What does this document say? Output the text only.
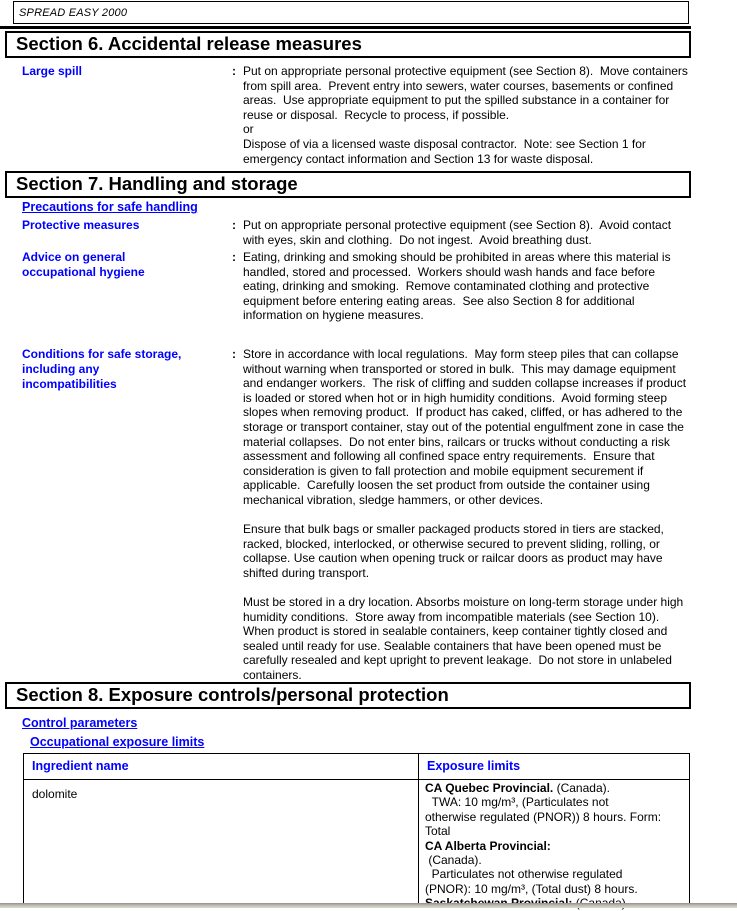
SPREAD EASY 2000
Section 6. Accidental release measures
Large spill	: Put on appropriate personal protective equipment (see Section 8).  Move containers
from spill area.  Prevent entry into sewers, water courses, basements or confined
areas.  Use appropriate equipment to put the spilled substance in a container for
reuse or disposal.  Recycle to process, if possible.
or
Dispose of via a licensed waste disposal contractor.  Note: see Section 1 for
emergency contact information and Section 13 for waste disposal.
Section 7. Handling and storage
Precautions for safe handling
Protective measures	: Put on appropriate personal protective equipment (see Section 8).  Avoid contact
with eyes, skin and clothing.  Do not ingest.  Avoid breathing dust.
Advice on general
occupational hygiene
: Eating, drinking and smoking should be prohibited in areas where this material is
handled, stored and processed.  Workers should wash hands and face before
eating, drinking and smoking.  Remove contaminated clothing and protective
equipment before entering eating areas.  See also Section 8 for additional
information on hygiene measures.
Conditions for safe storage,
including any
incompatibilities
: Store in accordance with local regulations.  May form steep piles that can collapse
without warning when transported or stored in bulk.  This may damage equipment
and endanger workers.  The risk of cliffing and sudden collapse increases if product
is loaded or stored when hot or in high humidity conditions.  Avoid forming steep
slopes when removing product.  If product has caked, cliffed, or has adhered to the
storage or transport container, stay out of the potential engulfment zone in case the
material collapses.  Do not enter bins, railcars or trucks without conducting a risk
assessment and following all confined space entry requirements.  Ensure that
consideration is given to fall protection and mobile equipment securement if
applicable.  Carefully loosen the set product from outside the container using
mechanical vibration, sledge hammers, or other devices.
Ensure that bulk bags or smaller packaged products stored in tiers are stacked,
racked, blocked, interlocked, or otherwise secured to prevent sliding, rolling, or
collapse. Use caution when opening truck or railcar doors as product may have
shifted during transport.
Must be stored in a dry location. Absorbs moisture on long-term storage under high
humidity conditions.  Store away from incompatible materials (see Section 10).
When product is stored in sealable containers, keep container tightly closed and
sealed until ready for use. Sealable containers that have been opened must be
carefully resealed and kept upright to prevent leakage.  Do not store in unlabeled
containers.
Section 8. Exposure controls/personal protection
Control parameters
Occupational exposure limits
Ingredient name	Exposure limits
dolomite	CA Quebec Provincial. (Canada).
TWA: 10 mg/m³, (Particulates not
otherwise regulated (PNOR)) 8 hours. Form:
Total
CA Alberta Provincial:
(Canada).
Particulates not otherwise regulated
(PNOR): 10 mg/m³, (Total dust) 8 hours.
